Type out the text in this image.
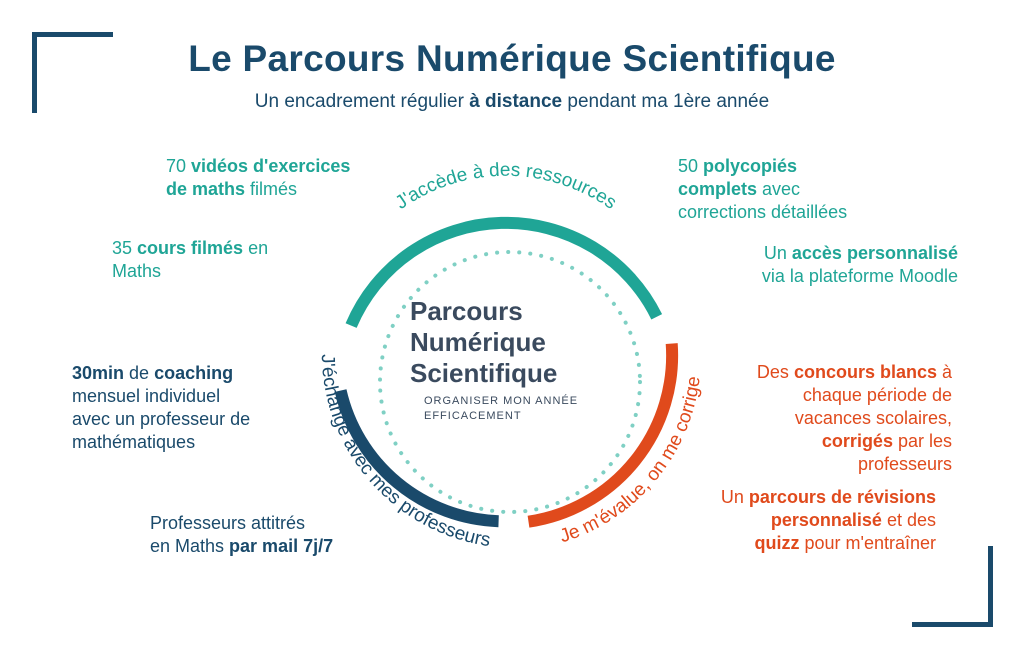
Le Parcours Numérique Scientifique
Un encadrement régulier à distance pendant ma 1ère année
J'accède à des ressources
J'échange avec mes professeurs	Je m'évalue, on me corrige
Parcours
Numérique
Scientifique
ORGANISER MON ANNÉE
EFFICACEMENT
70 vidéos d'exercices
de maths filmés
35 cours filmés en
Maths
30min de coaching
mensuel individuel
avec un professeur de
mathématiques
Professeurs attitrés
en Maths par mail 7j/7
50 polycopiés
complets avec
corrections détaillées
Un accès personnalisé
via la plateforme Moodle
Des concours blancs à
chaque période de
vacances scolaires,
corrigés par les
professeurs
Un parcours de révisions
personnalisé et des
quizz pour m'entraîner
